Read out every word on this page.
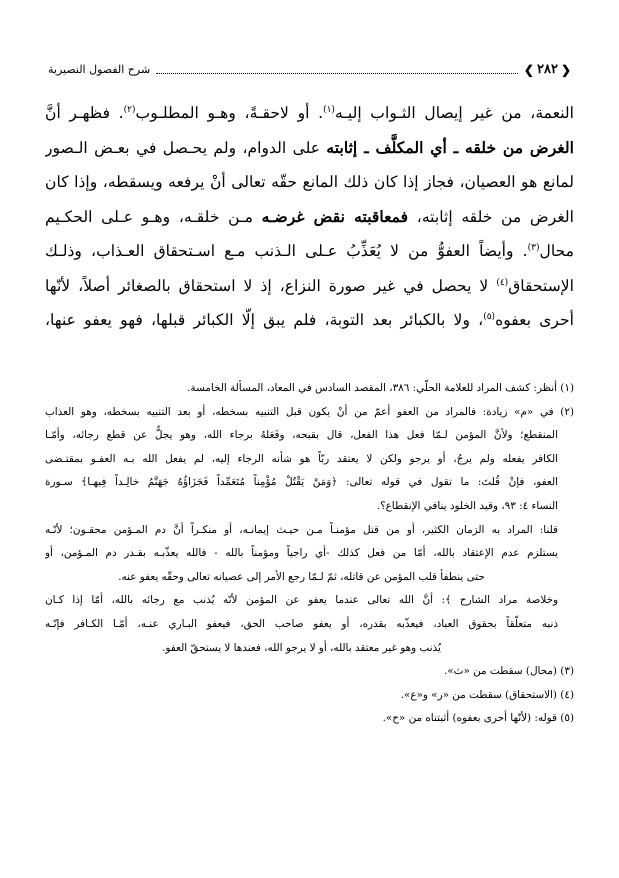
❮
٢٨٢
❯
شرح الفصول النصيرية
النعمة، من غير إيصال الثـواب إليـه$^{(١)}$. أو لاحقـةً، وهـو المطلـوب$^{(٢)}$. فظهـر أنَّ
الغرض من خلقه ـ أي المكلَّف ـ إثابته على الدوام، ولم يحـصل في بعـض الـصور
لمانع هو العصيان، فجاز إذا كان ذلك المانع حقّه تعالى أنْ يرفعه ويسقطه، وإذا كان
الغرض من خلقه إثابته، فمعاقبته نقض غرضـه مـن خلقـه، وهـو عـلى الحكـيم
محال$^{(٣)}$. وأيضاً العفوُّ من لا يُعَذِّبُ عـلى الـذنب مـع اسـتحقاق العـذاب، وذلـك
الإستحقاق$^{(٤)}$ لا يحصل في غير صورة النزاع، إذ لا استحقاق بالصغائر أصلاً، لأنّها
أحرى بعفوه$^{(٥)}$، ولا بالكبائر بعد التوبة، فلم يبق إلّا الكبائر قبلها، فهو يعفو عنها،
(١) أنظر: كشف المراد للعلامة الحلّي: ٣٨٦، المقصد السادس في المعاد، المسألة الخامسة.
(٢) في «م» زيادة: فالمراد من العفو أعمّ من أنْ يكون قبل التنبيه بسخطه، أو بعد التنبيه بسخطه، وهو العذاب
المنقطع؛ ولأنَّ المؤمن لـمّا فعل هذا الفعل، قال بقبحه، وفَعَلهُ برجاء الله، وهو يجلُّ عن قطع رجائه، وأمّـا
الكافر يفعله ولم يرجُ، أو يرجو ولكن لا يعتقد ربّاً هو شأنه الرجاء إليه، لم يفعل الله بـه العفـو بمقتـضى
العفو، فإنْ قُلتَ: ما تقول في قوله تعالى: ﴿وَمَنْ يَقْتُلْ مُؤْمِناً مُتَعَمِّداً فَجَزَاؤُهُ جَهَنَّمُ خالِـداً فِيهـا﴾ سـورة
النساء ٤: ٩٣، وقيد الخلود ينافي الإنقطاع؟.
قلنا: المراد به الزمان الكثير، أو من قتل مؤمنـاً مـن حيـث إيمانـه، أو منكـراً أنَّ دم المـؤمن محقـون؛ لأنّـه
يستلزم عدم الإعتقاد بالله، أمّا من فعل كذلك -أي راجياً ومؤمناً بالله - فالله يعذّبـه بقـدر دم المـؤمن، أو
حتى ينطفأ قلب المؤمن عن قاتله، ثمّ لـمّا رجع الأمر إلى عصيانه تعالى وحقّه يعفو عنه.
وخلاصة مراد الشارح ﴾: أنَّ الله تعالى عندما يعفو عن المؤمن لأنّه يُذنب مع رجائه بالله، أمّا إذا كـان
ذنبه متعلّقاً بحقوق العباد، فيعذّبه بقدره، أو يعفو صاحب الحق، فيعفو البـاري عنـه، أمّـا الكـافر فإنّـه
يُذنب وهو غير معتقد بالله، أو لا يرجو الله، فعندها لا يستحقّ العفو.
(٣) (محال) سقطت من «ث».
(٤) (الاستحقاق) سقطت من «ر» و«ع».
(٥) قوله: (لأنّها أحرى بعفوه) أثبتناه من «ح».
